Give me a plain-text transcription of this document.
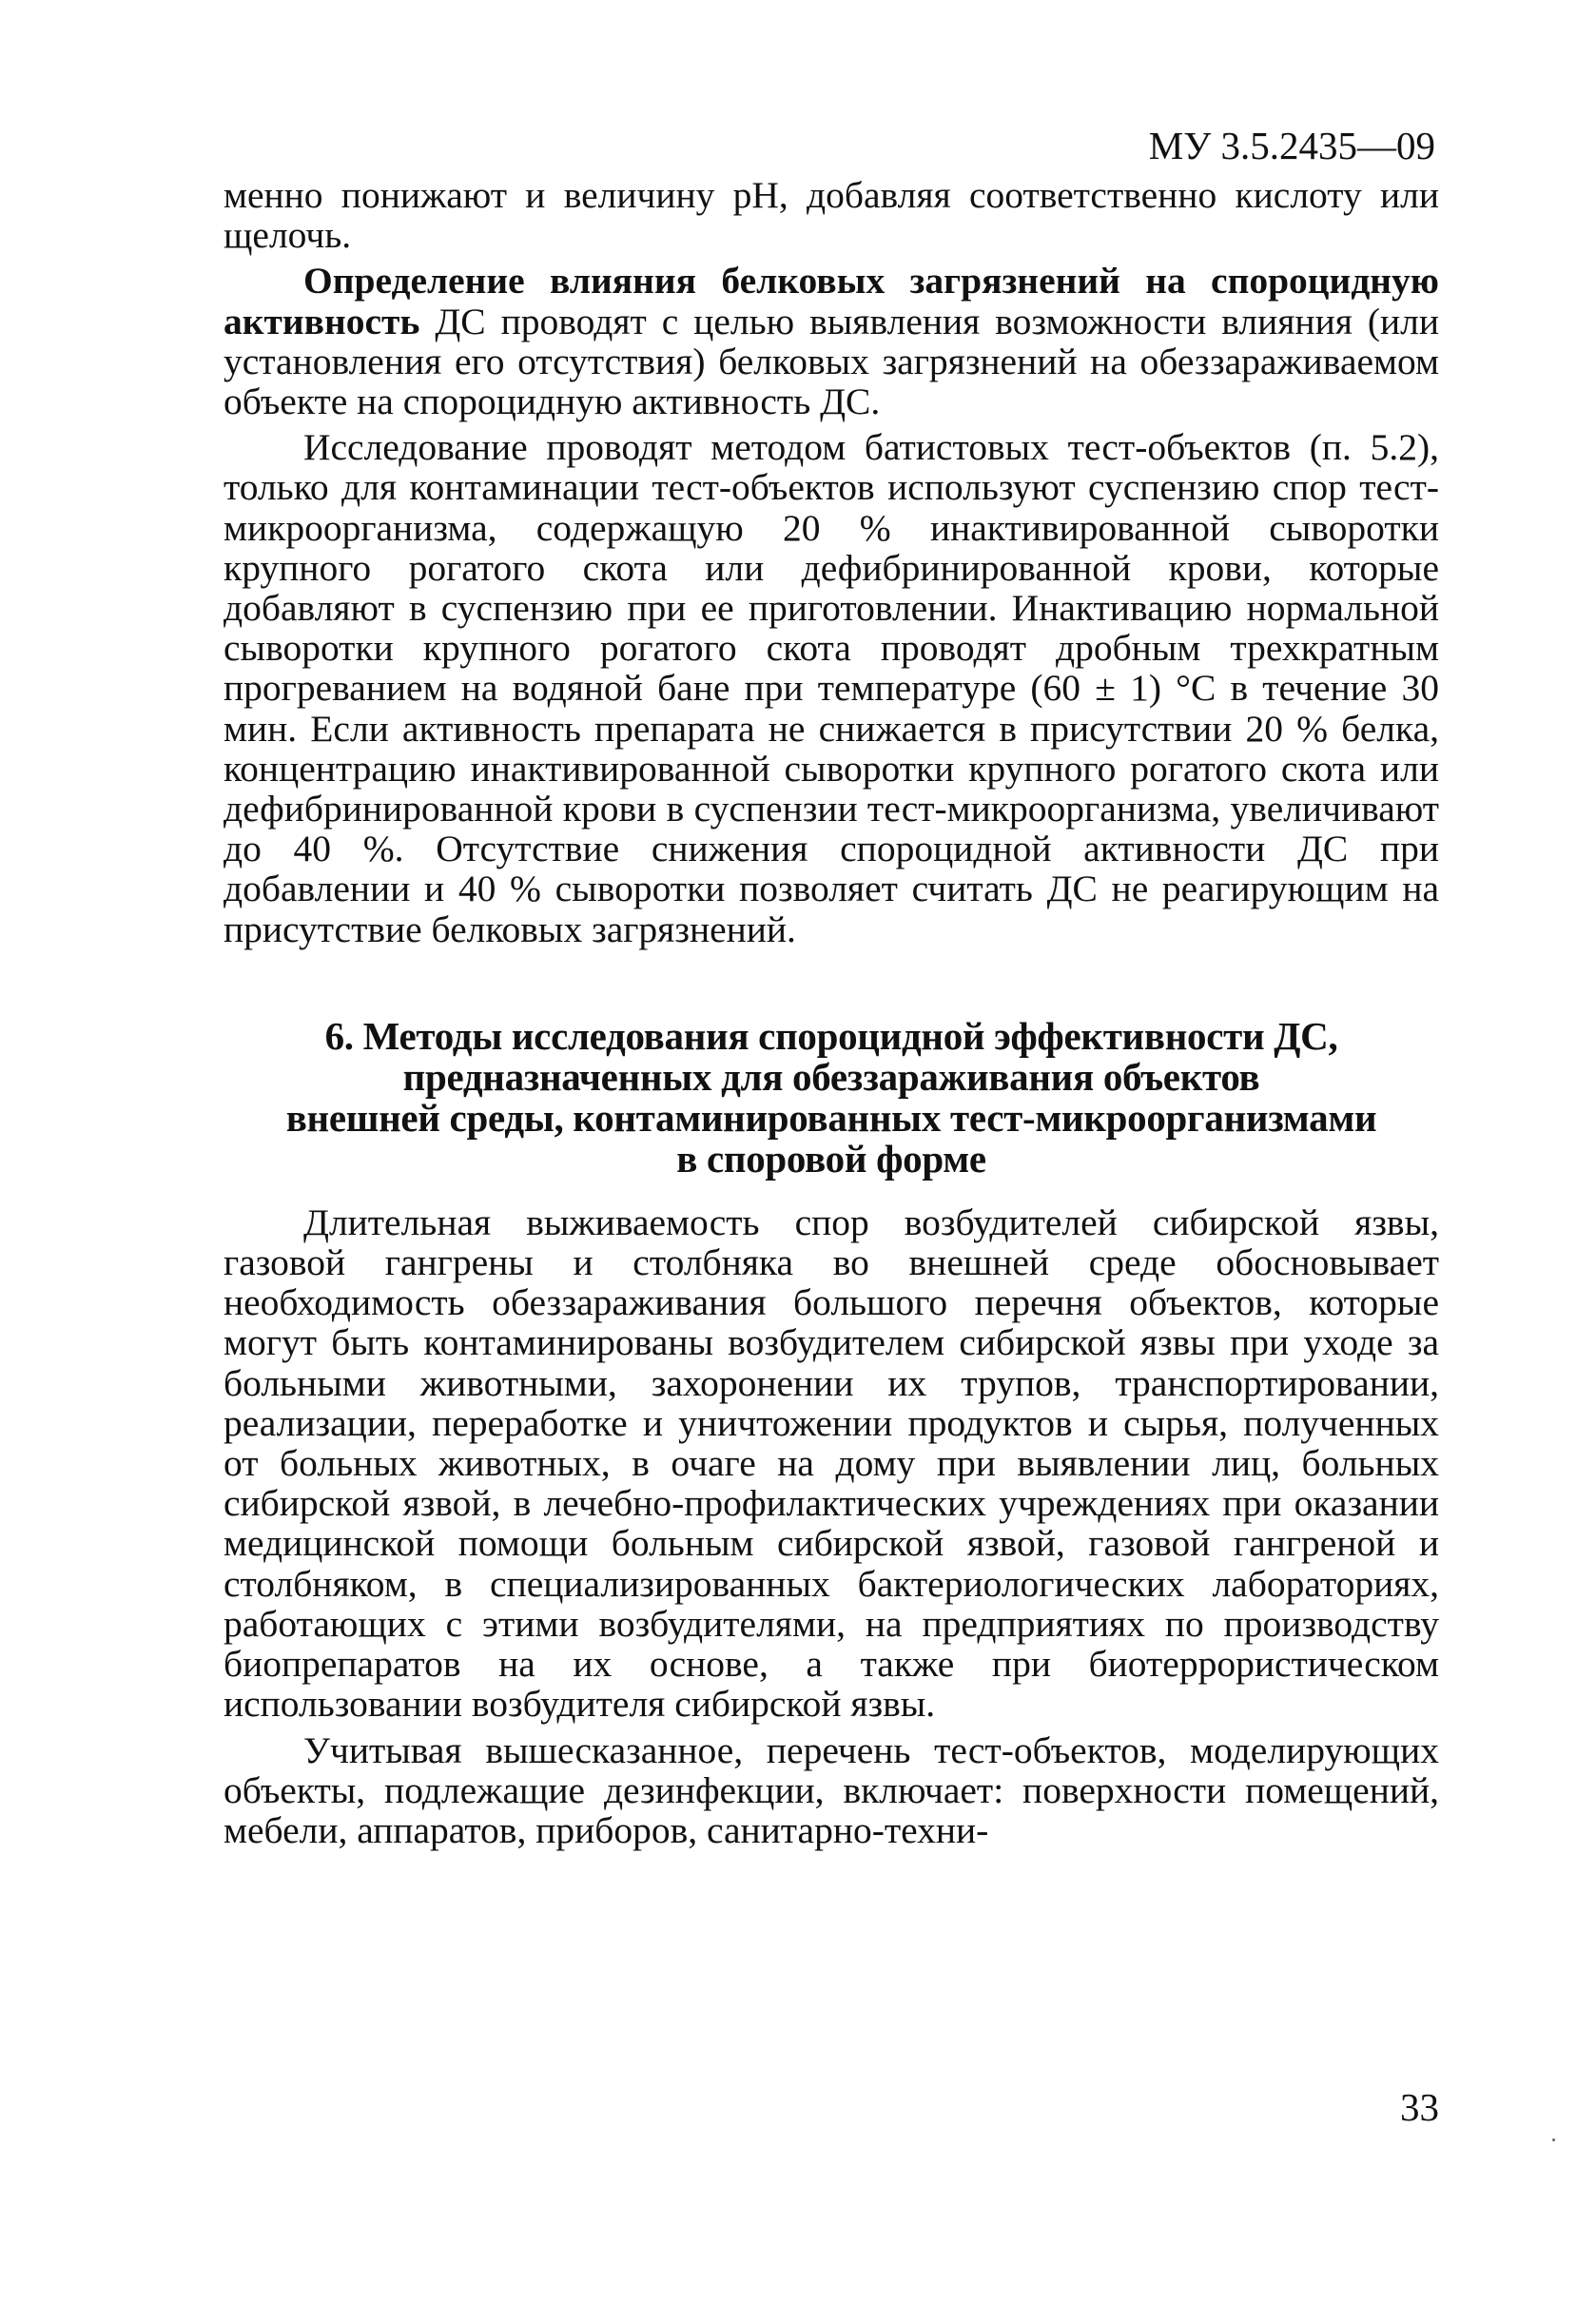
МУ 3.5.2435—09

менно понижают и величину pH, добавляя соответственно кислоту или щелочь.

Определение влияния белковых загрязнений на спороцидную активность ДС проводят с целью выявления возможности влияния (или установления его отсутствия) белковых загрязнений на обеззараживаемом объекте на спороцидную активность ДС.

Исследование проводят методом батистовых тест-объектов (п. 5.2), только для контаминации тест-объектов используют суспензию спор тест-микроорганизма, содержащую 20 % инактивированной сыворотки крупного рогатого скота или дефибринированной крови, которые добавляют в суспензию при ее приготовлении. Инактивацию нормальной сыворотки крупного рогатого скота проводят дробным трехкратным прогреванием на водяной бане при температуре (60 ± 1) °С в течение 30 мин. Если активность препарата не снижается в присутствии 20 % белка, концентрацию инактивированной сыворотки крупного рогатого скота или дефибринированной крови в суспензии тест-микроорганизма, увеличивают до 40 %. Отсутствие снижения спороцидной активности ДС при добавлении и 40 % сыворотки позволяет считать ДС не реагирующим на присутствие белковых загрязнений.

6. Методы исследования спороцидной эффективности ДС,
предназначенных для обеззараживания объектов
внешней среды, контаминированных тест-микроорганизмами
в споровой форме

Длительная выживаемость спор возбудителей сибирской язвы, газовой гангрены и столбняка во внешней среде обосновывает необходимость обеззараживания большого перечня объектов, которые могут быть контаминированы возбудителем сибирской язвы при уходе за больными животными, захоронении их трупов, транспортировании, реализации, переработке и уничтожении продуктов и сырья, полученных от больных животных, в очаге на дому при выявлении лиц, больных сибирской язвой, в лечебно-профилактических учреждениях при оказании медицинской помощи больным сибирской язвой, газовой гангреной и столбняком, в специализированных бактериологических лабораториях, работающих с этими возбудителями, на предприятиях по производству биопрепаратов на их основе, а также при биотеррористическом использовании возбудителя сибирской язвы.

Учитывая вышесказанное, перечень тест-объектов, моделирующих объекты, подлежащие дезинфекции, включает: поверхности помещений, мебели, аппаратов, приборов, санитарно-техни-

33
